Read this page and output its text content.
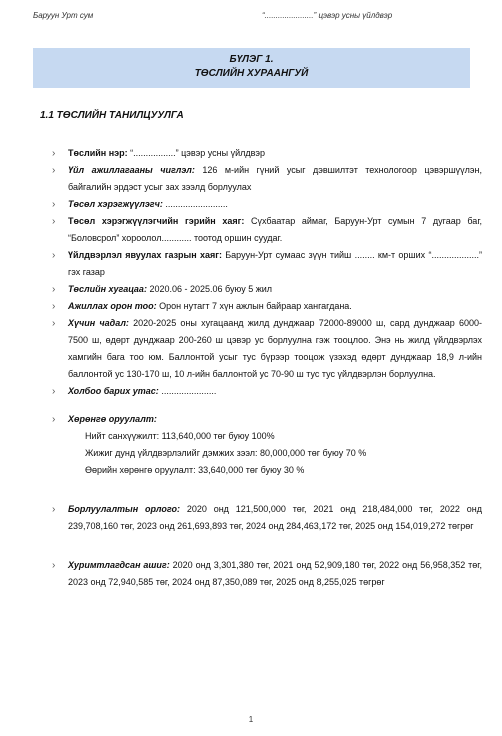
Баруун Урт сум	“......................” цэвэр усны үйлдвэр
БҮЛЭГ 1.
ТӨСЛИЙН ХУРААНГУЙ
1.1 ТӨСЛИЙН ТАНИЛЦУУЛГА
› Төслийн нэр: “.................” цэвэр усны үйлдвэр
› Үйл ажиллагааны чиглэл: 126 м-ийн гүний усыг дэвшилтэт технологоор цэвэршүүлэн, байгалийн эрдэст усыг зах зээлд борлуулах
› Төсөл хэрэгжүүлэгч: .........................
› Төсөл хэрэгжүүлэгчийн гэрийн хаяг: Сүхбаатар аймаг, Баруун-Урт сумын 7 дугаар баг, “Боловсрол” хороолол............ тоотод оршин суудаг.
› Үйлдвэрлэл явуулах газрын хаяг: Баруун-Урт сумаас зүүн тийш ........ км-т орших “...................” гэх газар
› Төслийн хугацаа: 2020.06 - 2025.06 буюу 5 жил
› Ажиллах орон тоо: Орон нутагт 7 хүн ажлын байраар хангагдана.
› Хүчин чадал: 2020-2025 оны хугацаанд жилд дунджаар 72000-89000 ш, сард дунджаар 6000-7500 ш, өдөрт дунджаар 200-260 ш цэвэр ус борлуулна гэж тооцлоо. Энэ нь жилд үйлдвэрлэх хамгийн бага тоо юм. Баллонтой усыг тус бүрээр тооцож үзэхэд өдөрт дунджаар 18,9 л-ийн баллонтой ус 130-170 ш, 10 л-ийн баллонтой ус 70-90 ш тус тус үйлдвэрлэн борлуулна.
› Холбоо барих утас: ......................
› Хөрөнгө оруулалт:
Нийт санхүүжилт: 113,640,000 төг буюу 100%
Жижиг дунд үйлдвэрлэлийг дэмжих зээл: 80,000,000 төг буюу 70 %
Өөрийн хөрөнгө оруулалт: 33,640,000 төг буюу 30 %
› Борлуулалтын орлого: 2020 онд 121,500,000 төг, 2021 онд 218,484,000 төг, 2022 онд 239,708,160 төг, 2023 онд 261,693,893 төг, 2024 онд 284,463,172 төг, 2025 онд 154,019,272 төгрөг
› Хуримтлагдсан ашиг: 2020 онд 3,301,380 төг, 2021 онд 52,909,180 төг, 2022 онд 56,958,352 төг, 2023 онд 72,940,585 төг, 2024 онд 87,350,089 төг, 2025 онд 8,255,025 төгрөг
1
